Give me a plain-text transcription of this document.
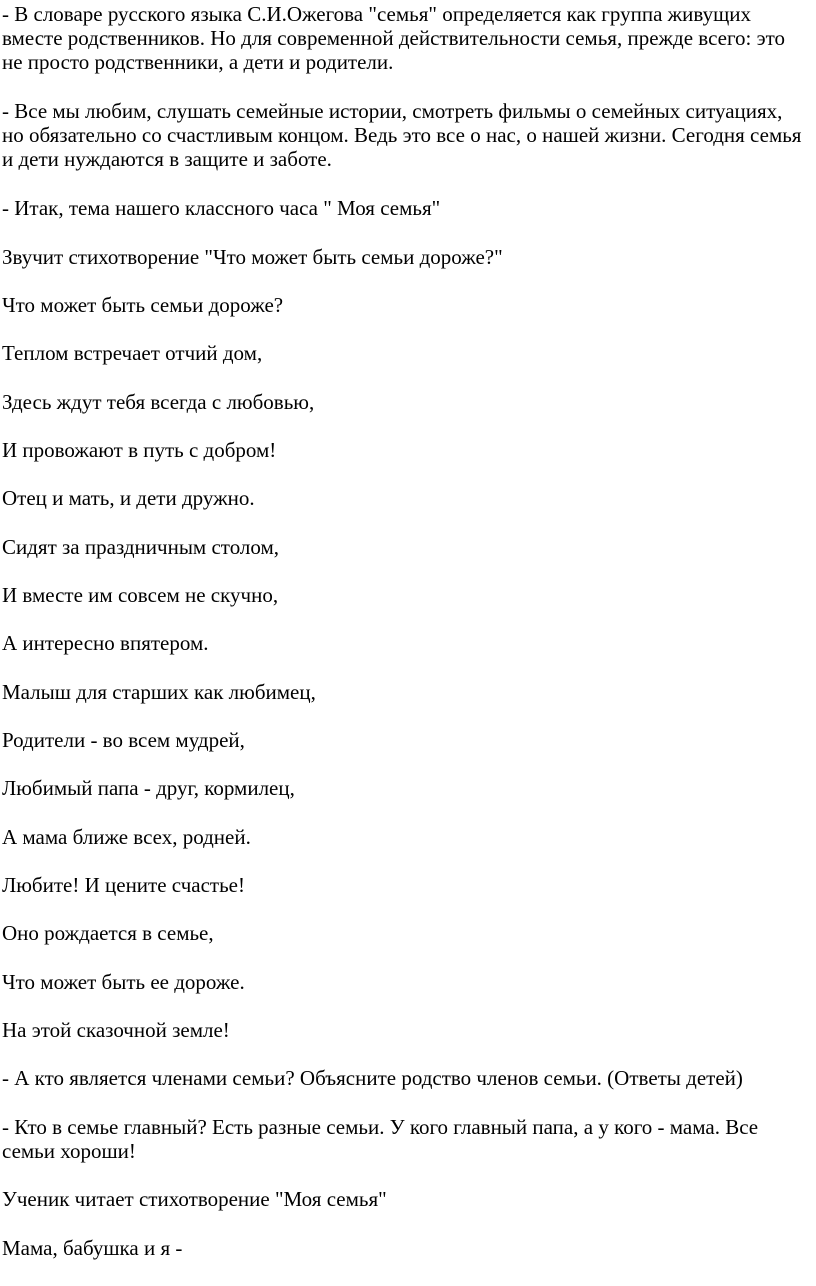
- В словаре русского языка С.И.Ожегова "семья" определяется как группа живущих вместе родственников. Но для современной действительности семья, прежде всего: это не просто родственники, а дети и родители.

- Все мы любим, слушать семейные истории, смотреть фильмы о семейных ситуациях, но обязательно со счастливым концом. Ведь это все о нас, о нашей жизни. Сегодня семья и дети нуждаются в защите и заботе.

- Итак, тема нашего классного часа " Моя семья"

Звучит стихотворение "Что может быть семьи дороже?"

Что может быть семьи дороже?

Теплом встречает отчий дом,

Здесь ждут тебя всегда с любовью,

И провожают в путь с добром!

Отец и мать, и дети дружно.

Сидят за праздничным столом,

И вместе им совсем не скучно,

А интересно впятером.

Малыш для старших как любимец,

Родители - во всем мудрей,

Любимый папа - друг, кормилец,

А мама ближе всех, родней.

Любите! И цените счастье!

Оно рождается в семье,

Что может быть ее дороже.

На этой сказочной земле!

- А кто является членами семьи? Объясните родство членов семьи. (Ответы детей)

- Кто в семье главный? Есть разные семьи. У кого главный папа, а у кого - мама. Все семьи хороши!

Ученик читает стихотворение "Моя семья"

Мама, бабушка и я -
